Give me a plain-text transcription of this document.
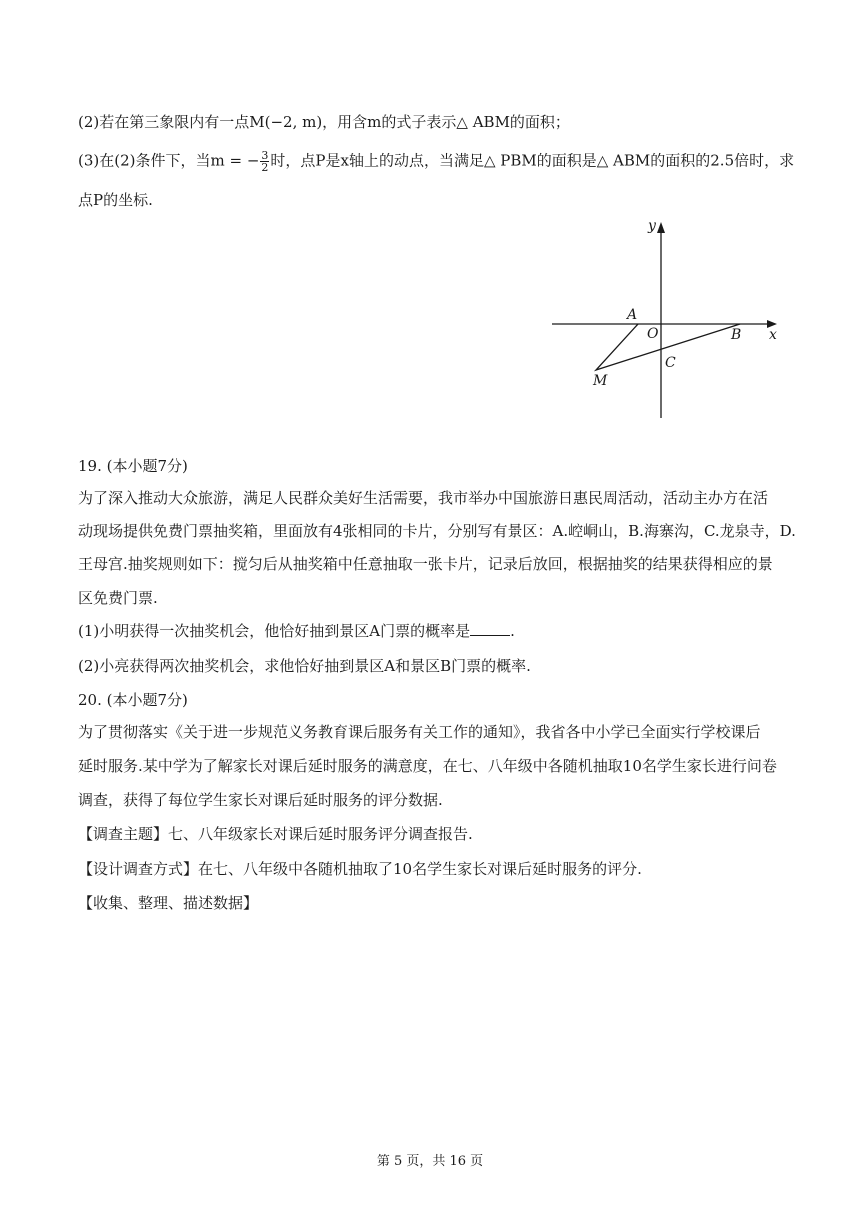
(2)若在第三象限内有一点M(−2, m)，用含m的式子表示△ ABM的面积；
(3)在(2)条件下，当m = − $\frac{3}{2}$ 时，点P是x轴上的动点，当满足△ PBM的面积是△ ABM的面积的2.5倍时，求
点P的坐标.
y
x
A
O	B
C
M
19. (本小题7分)
为了深入推动大众旅游，满足人民群众美好生活需要，我市举办中国旅游日惠民周活动，活动主办方在活
动现场提供免费门票抽奖箱，里面放有4张相同的卡片，分别写有景区：A.崆峒山，B.海寨沟，C.龙泉寺，D.
王母宫.抽奖规则如下：搅匀后从抽奖箱中任意抽取一张卡片，记录后放回，根据抽奖的结果获得相应的景
区免费门票.
(1)小明获得一次抽奖机会，他恰好抽到景区A门票的概率是	.
(2)小亮获得两次抽奖机会，求他恰好抽到景区A和景区B门票的概率.
20. (本小题7分)
为了贯彻落实《关于进一步规范义务教育课后服务有关工作的通知》，我省各中小学已全面实行学校课后
延时服务.某中学为了解家长对课后延时服务的满意度，在七、八年级中各随机抽取10名学生家长进行问卷
调查，获得了每位学生家长对课后延时服务的评分数据.
【调查主题】七、八年级家长对课后延时服务评分调查报告.
【设计调查方式】在七、八年级中各随机抽取了10名学生家长对课后延时服务的评分.
【收集、整理、描述数据】
第 5 页，共 16 页
